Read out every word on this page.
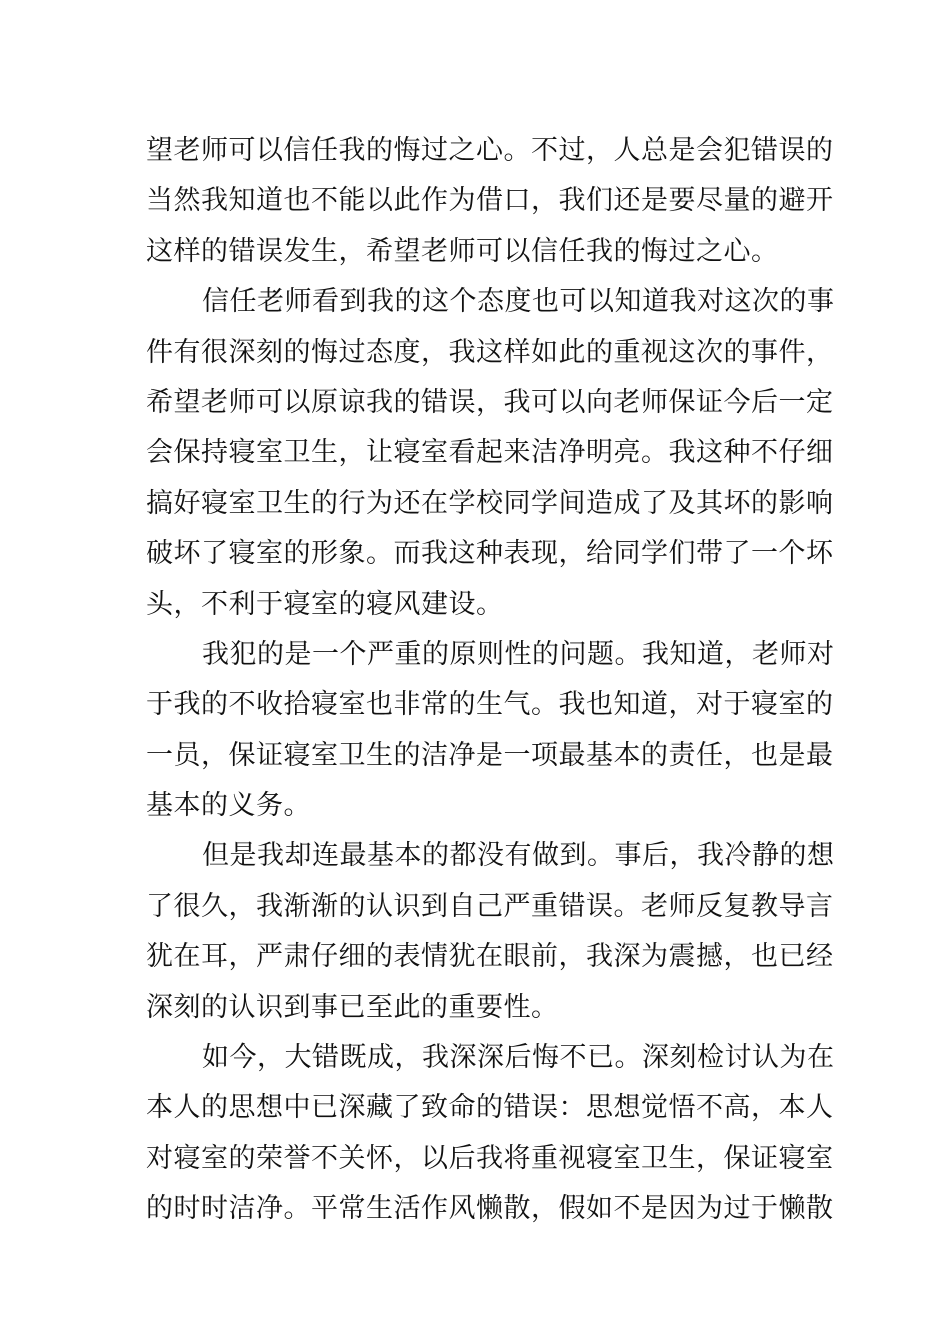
望老师可以信任我的悔过之心。不过，人总是会犯错误的
当然我知道也不能以此作为借口，我们还是要尽量的避开
这样的错误发生，希望老师可以信任我的悔过之心。
信任老师看到我的这个态度也可以知道我对这次的事
件有很深刻的悔过态度，我这样如此的重视这次的事件，
希望老师可以原谅我的错误，我可以向老师保证今后一定
会保持寝室卫生，让寝室看起来洁净明亮。我这种不仔细
搞好寝室卫生的行为还在学校同学间造成了及其坏的影响
破坏了寝室的形象。而我这种表现，给同学们带了一个坏
头，不利于寝室的寝风建设。
我犯的是一个严重的原则性的问题。我知道，老师对
于我的不收拾寝室也非常的生气。我也知道，对于寝室的
一员，保证寝室卫生的洁净是一项最基本的责任，也是最
基本的义务。
但是我却连最基本的都没有做到。事后，我冷静的想
了很久，我渐渐的认识到自己严重错误。老师反复教导言
犹在耳，严肃仔细的表情犹在眼前，我深为震撼，也已经
深刻的认识到事已至此的重要性。
如今，大错既成，我深深后悔不已。深刻检讨认为在
本人的思想中已深藏了致命的错误：思想觉悟不高，本人
对寝室的荣誉不关怀，以后我将重视寝室卫生，保证寝室
的时时洁净。平常生活作风懒散，假如不是因为过于懒散
